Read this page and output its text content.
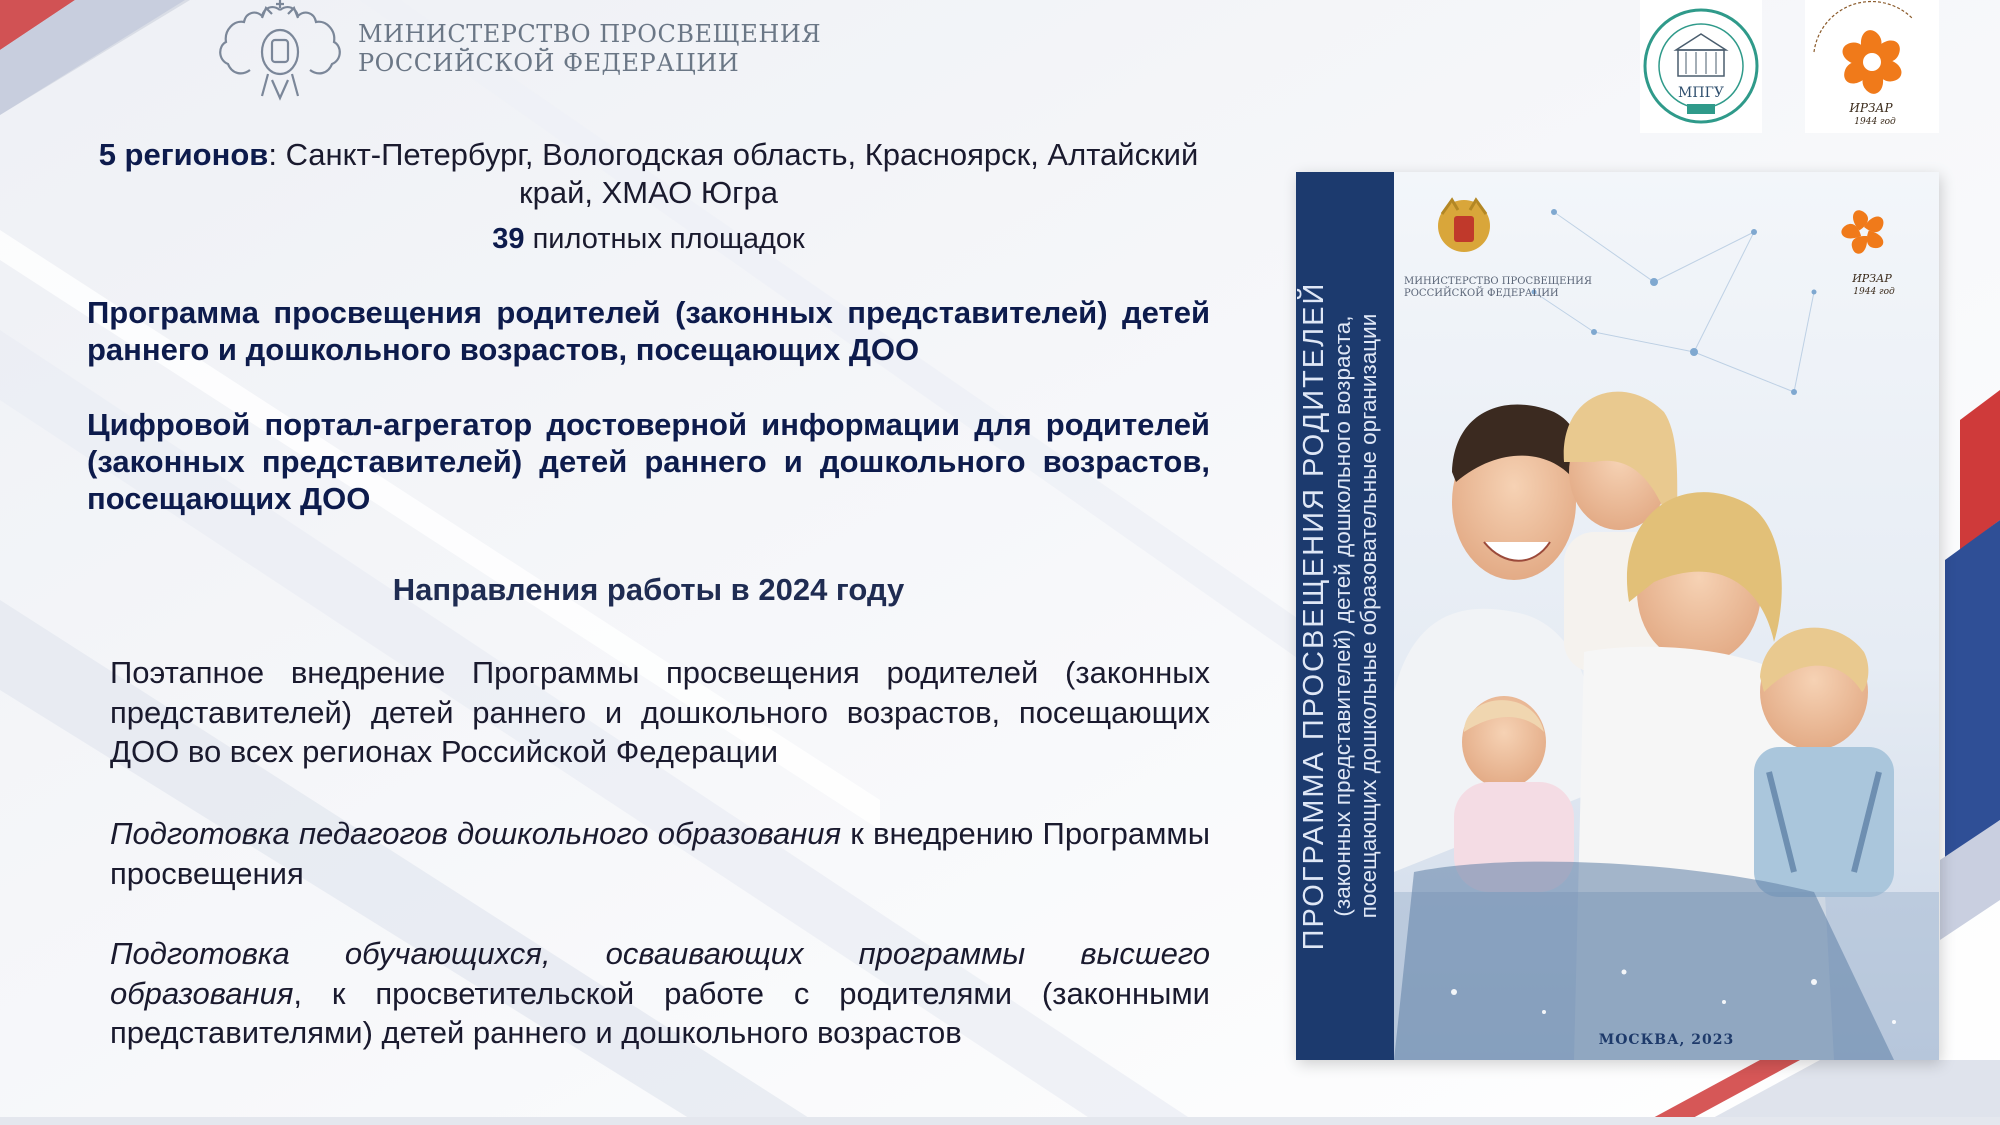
МИНИСТЕРСТВО ПРОСВЕЩЕНИЯ
РОССИЙСКОЙ ФЕДЕРАЦИИ
МПГУ
ИРЗАР
1944 год
5 регионов: Санкт-Петербург, Вологодская область, Красноярск, Алтайский край, ХМАО Югра
39 пилотных площадок
Программа просвещения родителей (законных представителей) детей раннего и дошкольного возрастов, посещающих ДОО
Цифровой портал-агрегатор достоверной информации для родителей (законных представителей) детей раннего и дошкольного возрастов, посещающих ДОО
Направления работы в 2024 году
Поэтапное внедрение Программы просвещения родителей (законных представителей) детей раннего и дошкольного возрастов, посещающих ДОО во всех регионах Российской Федерации
Подготовка педагогов дошкольного образования к внедрению Программы просвещения
Подготовка обучающихся, осваивающих программы высшего образования, к просветительской работе с родителями (законными представителями) детей раннего и дошкольного возрастов
ПРОГРАММА ПРОСВЕЩЕНИЯ РОДИТЕЛЕЙ (законных представителей) детей дошкольного возраста, посещающих дошкольные образовательные организации
МИНИСТЕРСТВО ПРОСВЕЩЕНИЯ
РОССИЙСКОЙ ФЕДЕРАЦИИ
ИРЗАР
1944 год
МОСКВА, 2023
